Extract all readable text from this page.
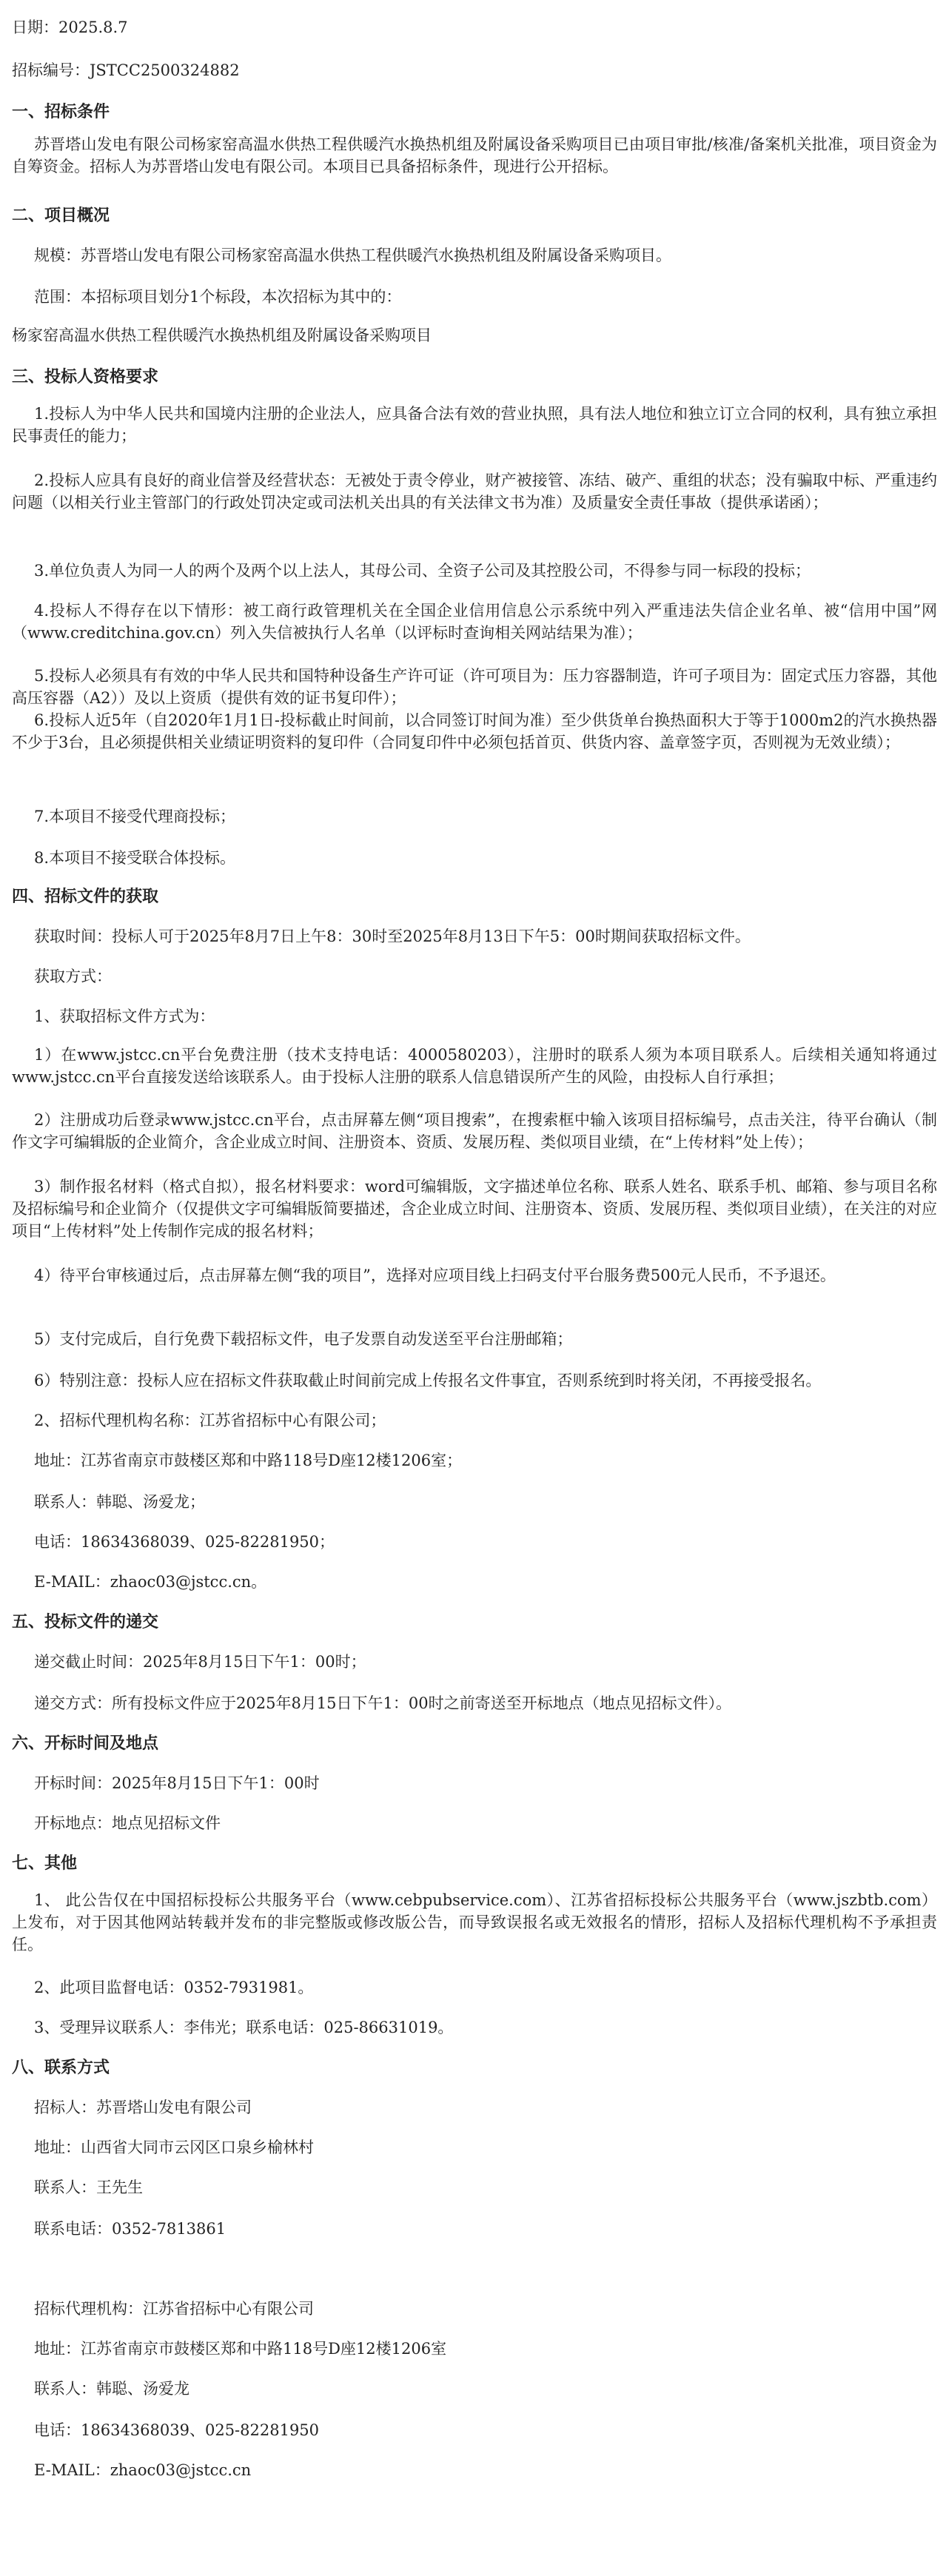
日期：2025.8.7
招标编号：JSTCC2500324882
一、招标条件
苏晋塔山发电有限公司杨家窑高温水供热工程供暖汽水换热机组及附属设备采购项目已由项目审批/核准/备案机关批准，项目资金为自筹资金。招标人为苏晋塔山发电有限公司。本项目已具备招标条件，现进行公开招标。
二、项目概况
规模：苏晋塔山发电有限公司杨家窑高温水供热工程供暖汽水换热机组及附属设备采购项目。
范围：本招标项目划分1个标段，本次招标为其中的：
杨家窑高温水供热工程供暖汽水换热机组及附属设备采购项目
三、投标人资格要求
1.投标人为中华人民共和国境内注册的企业法人，应具备合法有效的营业执照，具有法人地位和独立订立合同的权利，具有独立承担民事责任的能力；
2.投标人应具有良好的商业信誉及经营状态：无被处于责令停业，财产被接管、冻结、破产、重组的状态；没有骗取中标、严重违约问题（以相关行业主管部门的行政处罚决定或司法机关出具的有关法律文书为准）及质量安全责任事故（提供承诺函）；
3.单位负责人为同一人的两个及两个以上法人，其母公司、全资子公司及其控股公司，不得参与同一标段的投标；
4.投标人不得存在以下情形：被工商行政管理机关在全国企业信用信息公示系统中列入严重违法失信企业名单、被“信用中国”网（www.creditchina.gov.cn）列入失信被执行人名单（以评标时查询相关网站结果为准）；
5.投标人必须具有有效的中华人民共和国特种设备生产许可证（许可项目为：压力容器制造，许可子项目为：固定式压力容器，其他高压容器（A2））及以上资质（提供有效的证书复印件）；
6.投标人近5年（自2020年1月1日-投标截止时间前，以合同签订时间为准）至少供货单台换热面积大于等于1000m2的汽水换热器不少于3台，且必须提供相关业绩证明资料的复印件（合同复印件中必须包括首页、供货内容、盖章签字页，否则视为无效业绩）；
7.本项目不接受代理商投标；
8.本项目不接受联合体投标。
四、招标文件的获取
获取时间：投标人可于2025年8月7日上午8：30时至2025年8月13日下午5：00时期间获取招标文件。
获取方式：
1、获取招标文件方式为：
1）在www.jstcc.cn平台免费注册（技术支持电话：4000580203），注册时的联系人须为本项目联系人。后续相关通知将通过www.jstcc.cn平台直接发送给该联系人。由于投标人注册的联系人信息错误所产生的风险，由投标人自行承担；
2）注册成功后登录www.jstcc.cn平台，点击屏幕左侧“项目搜索”，在搜索框中输入该项目招标编号，点击关注，待平台确认（制作文字可编辑版的企业简介，含企业成立时间、注册资本、资质、发展历程、类似项目业绩，在“上传材料”处上传）；
3）制作报名材料（格式自拟），报名材料要求：word可编辑版，文字描述单位名称、联系人姓名、联系手机、邮箱、参与项目名称及招标编号和企业简介（仅提供文字可编辑版简要描述，含企业成立时间、注册资本、资质、发展历程、类似项目业绩），在关注的对应项目“上传材料”处上传制作完成的报名材料；
4）待平台审核通过后，点击屏幕左侧“我的项目”，选择对应项目线上扫码支付平台服务费500元人民币，不予退还。
5）支付完成后，自行免费下载招标文件，电子发票自动发送至平台注册邮箱；
6）特别注意：投标人应在招标文件获取截止时间前完成上传报名文件事宜，否则系统到时将关闭，不再接受报名。
2、招标代理机构名称：江苏省招标中心有限公司；
地址：江苏省南京市鼓楼区郑和中路118号D座12楼1206室；
联系人：韩聪、汤爱龙；
电话：18634368039、025-82281950；
E-MAIL：zhaoc03@jstcc.cn。
五、投标文件的递交
递交截止时间：2025年8月15日下午1：00时；
递交方式：所有投标文件应于2025年8月15日下午1：00时之前寄送至开标地点（地点见招标文件）。
六、开标时间及地点
开标时间：2025年8月15日下午1：00时
开标地点：地点见招标文件
七、其他
1、 此公告仅在中国招标投标公共服务平台（www.cebpubservice.com）、江苏省招标投标公共服务平台（www.jszbtb.com）上发布，对于因其他网站转载并发布的非完整版或修改版公告，而导致误报名或无效报名的情形，招标人及招标代理机构不予承担责任。
2、此项目监督电话：0352-7931981。
3、受理异议联系人：李伟光；联系电话：025-86631019。
八、联系方式
招标人：苏晋塔山发电有限公司
地址：山西省大同市云冈区口泉乡榆林村
联系人：王先生
联系电话：0352-7813861
招标代理机构：江苏省招标中心有限公司
地址：江苏省南京市鼓楼区郑和中路118号D座12楼1206室
联系人：韩聪、汤爱龙
电话：18634368039、025-82281950
E-MAIL：zhaoc03@jstcc.cn
